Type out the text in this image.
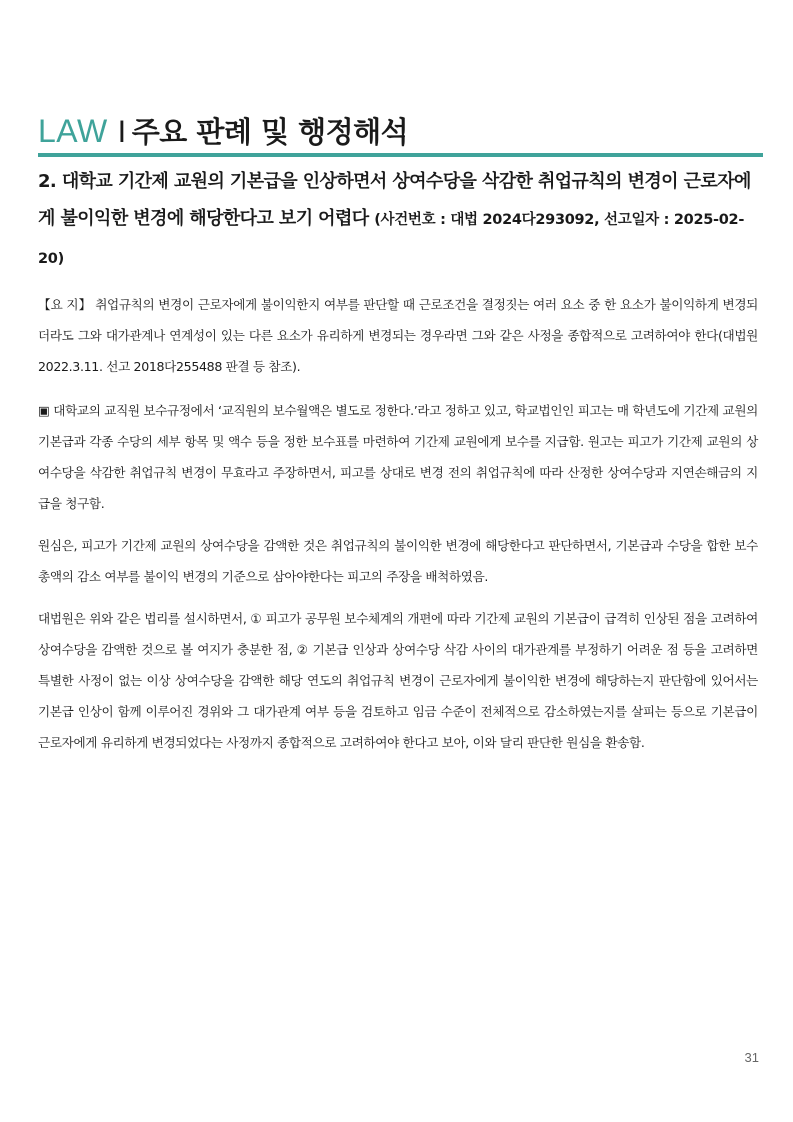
LAW I 주요 판례 및 행정해석
2. 대학교 기간제 교원의 기본급을 인상하면서 상여수당을 삭감한 취업규칙의 변경이 근로자에게 불이익한 변경에 해당한다고 보기 어렵다 (사건번호 : 대법 2024다293092, 선고일자 : 2025-02-20)
【요 지】 취업규칙의 변경이 근로자에게 불이익한지 여부를 판단할 때 근로조건을 결정짓는 여러 요소 중 한 요소가 불이익하게 변경되더라도 그와 대가관계나 연계성이 있는 다른 요소가 유리하게 변경되는 경우라면 그와 같은 사정을 종합적으로 고려하여야 한다(대법원 2022.3.11. 선고 2018다255488 판결 등 참조).
▣ 대학교의 교직원 보수규정에서 ‘교직원의 보수월액은 별도로 정한다.’라고 정하고 있고, 학교법인인 피고는 매 학년도에 기간제 교원의 기본급과 각종 수당의 세부 항목 및 액수 등을 정한 보수표를 마련하여 기간제 교원에게 보수를 지급함. 원고는 피고가 기간제 교원의 상여수당을 삭감한 취업규칙 변경이 무효라고 주장하면서, 피고를 상대로 변경 전의 취업규칙에 따라 산정한 상여수당과 지연손해금의 지급을 청구함.
원심은, 피고가 기간제 교원의 상여수당을 감액한 것은 취업규칙의 불이익한 변경에 해당한다고 판단하면서, 기본급과 수당을 합한 보수 총액의 감소 여부를 불이익 변경의 기준으로 삼아야한다는 피고의 주장을 배척하였음.
대법원은 위와 같은 법리를 설시하면서, ① 피고가 공무원 보수체계의 개편에 따라 기간제 교원의 기본급이 급격히 인상된 점을 고려하여 상여수당을 감액한 것으로 볼 여지가 충분한 점, ② 기본급 인상과 상여수당 삭감 사이의 대가관계를 부정하기 어려운 점 등을 고려하면 특별한 사정이 없는 이상 상여수당을 감액한 해당 연도의 취업규칙 변경이 근로자에게 불이익한 변경에 해당하는지 판단함에 있어서는 기본급 인상이 함께 이루어진 경위와 그 대가관계 여부 등을 검토하고 임금 수준이 전체적으로 감소하였는지를 살피는 등으로 기본급이 근로자에게 유리하게 변경되었다는 사정까지 종합적으로 고려하여야 한다고 보아, 이와 달리 판단한 원심을 환송함.
31
